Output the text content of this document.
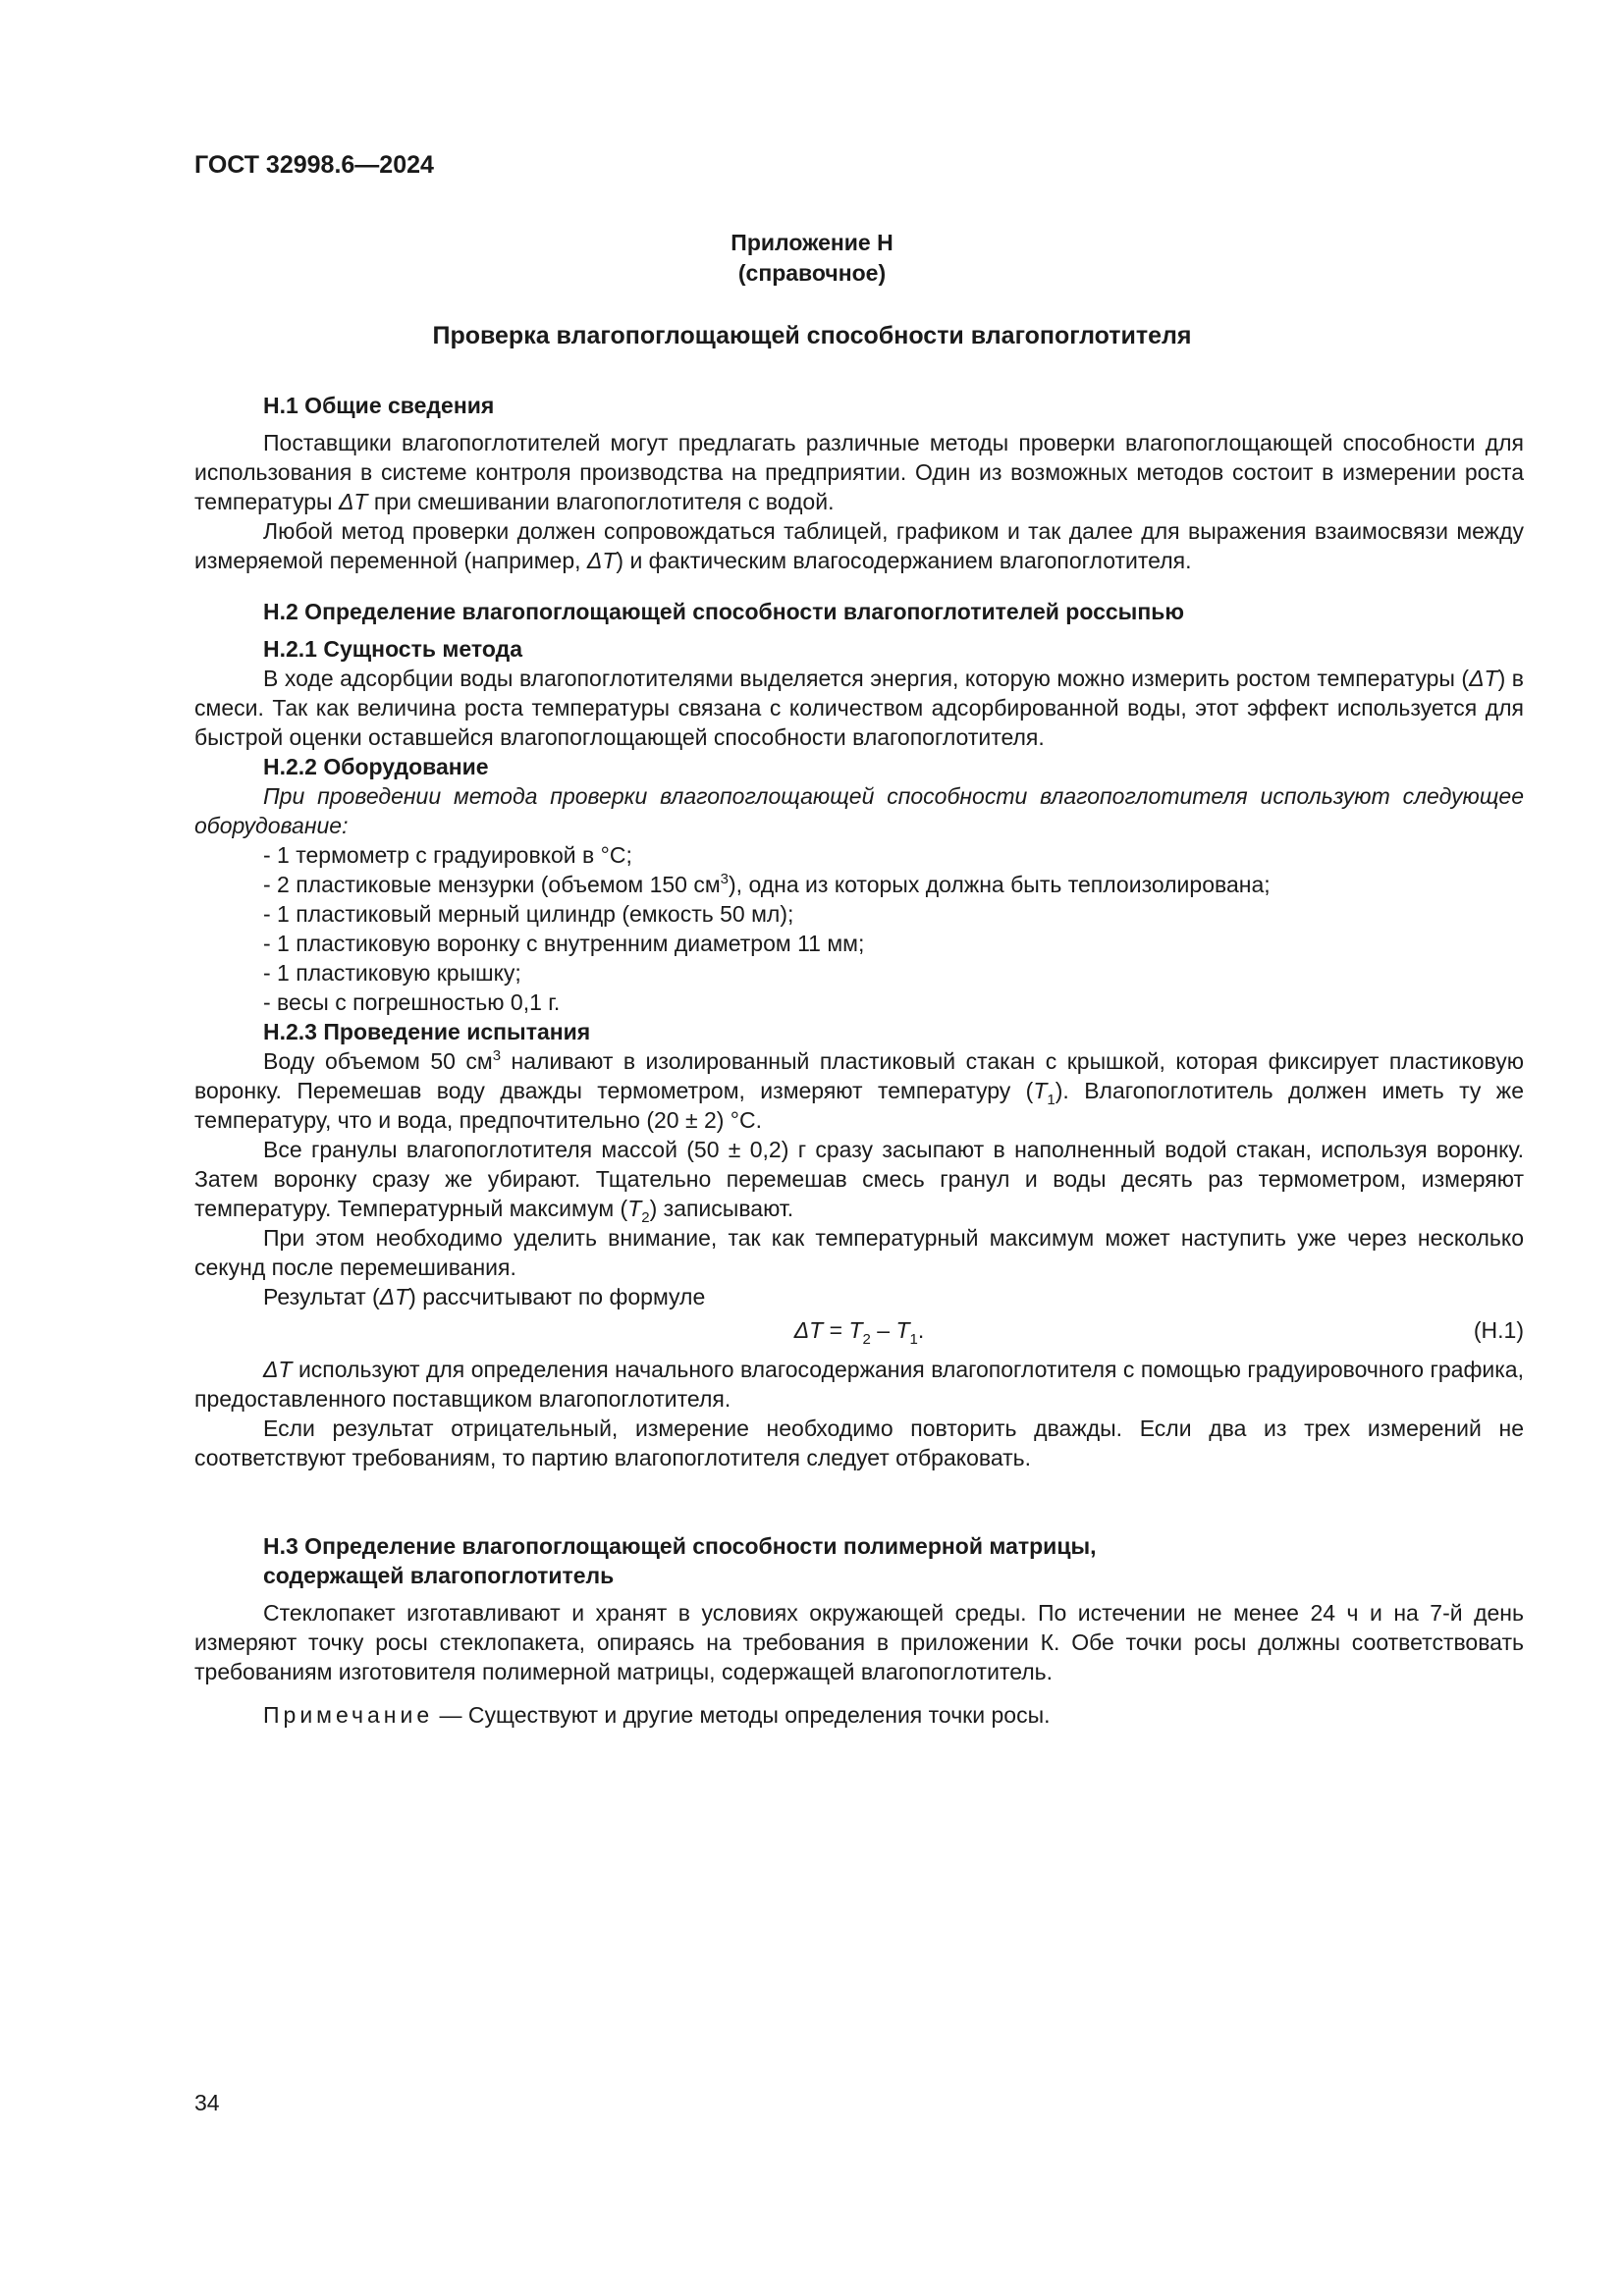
ГОСТ 32998.6—2024
Приложение Н
(справочное)
Проверка влагопоглощающей способности влагопоглотителя

Н.1 Общие сведения

Поставщики влагопоглотителей могут предлагать различные методы проверки влагопоглощающей способности для использования в системе контроля производства на предприятии. Один из возможных методов состоит в измерении роста температуры ΔT при смешивании влагопоглотителя с водой.

Любой метод проверки должен сопровождаться таблицей, графиком и так далее для выражения взаимосвязи между измеряемой переменной (например, ΔT) и фактическим влагосодержанием влагопоглотителя.

Н.2 Определение влагопоглощающей способности влагопоглотителей россыпью

Н.2.1 Сущность метода

В ходе адсорбции воды влагопоглотителями выделяется энергия, которую можно измерить ростом температуры (ΔT) в смеси. Так как величина роста температуры связана с количеством адсорбированной воды, этот эффект используется для быстрой оценки оставшейся влагопоглощающей способности влагопоглотителя.

Н.2.2 Оборудование

При проведении метода проверки влагопоглощающей способности влагопоглотителя используют следующее оборудование:

- 1 термометр с градуировкой в °С;

- 2 пластиковые мензурки (объемом 150 $см^3$), одна из которых должна быть теплоизолирована;

- 1 пластиковый мерный цилиндр (емкость 50 мл);

- 1 пластиковую воронку с внутренним диаметром 11 мм;

- 1 пластиковую крышку;

- весы с погрешностью 0,1 г.

Н.2.3 Проведение испытания

Воду объемом 50 $см^3$ наливают в изолированный пластиковый стакан с крышкой, которая фиксирует пластиковую воронку. Перемешав воду дважды термометром, измеряют температуру $(T_1)$. Влагопоглотитель должен иметь ту же температуру, что и вода, предпочтительно (20 ± 2) °С.

Все гранулы влагопоглотителя массой (50 ± 0,2) г сразу засыпают в наполненный водой стакан, используя воронку. Затем воронку сразу же убирают. Тщательно перемешав смесь гранул и воды десять раз термометром, измеряют температуру. Температурный максимум $(T_2)$ записывают.

При этом необходимо уделить внимание, так как температурный максимум может наступить уже через несколько секунд после перемешивания.

Результат (ΔT) рассчитывают по формуле

$\Delta T = T_2 - T_1$.	(Н.1)

ΔT используют для определения начального влагосодержания влагопоглотителя с помощью градуировочного графика, предоставленного поставщиком влагопоглотителя.

Если результат отрицательный, измерение необходимо повторить дважды. Если два из трех измерений не соответствуют требованиям, то партию влагопоглотителя следует отбраковать.

Н.3 Определение влагопоглощающей способности полимерной матрицы,

содержащей влагопоглотитель

Стеклопакет изготавливают и хранят в условиях окружающей среды. По истечении не менее 24 ч и на 7-й день измеряют точку росы стеклопакета, опираясь на требования в приложении К. Обе точки росы должны соответствовать требованиям изготовителя полимерной матрицы, содержащей влагопоглотитель.

Примечание — Существуют и другие методы определения точки росы.

34
